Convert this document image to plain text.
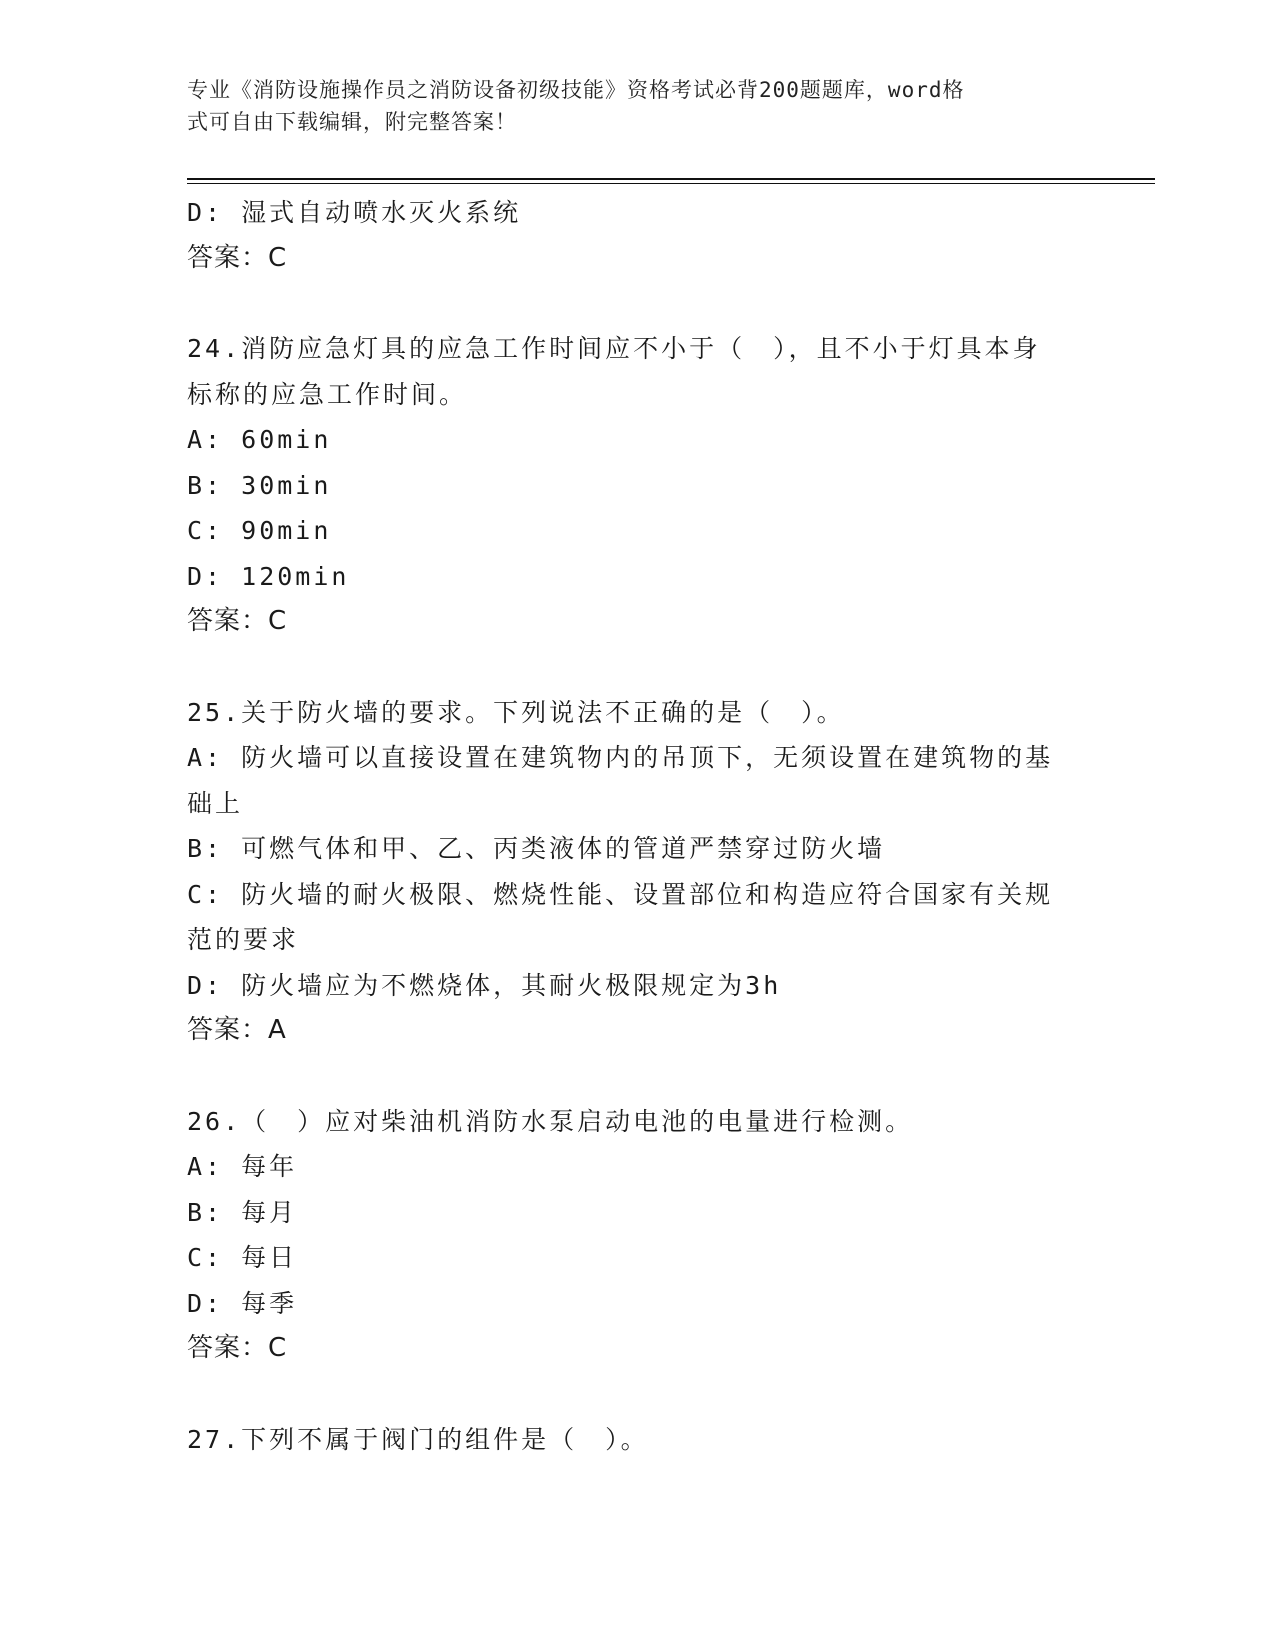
专业《消防设施操作员之消防设备初级技能》资格考试必背200题题库，word格
式可自由下载编辑，附完整答案！
D: 湿式自动喷水灭火系统
答案：C
24.消防应急灯具的应急工作时间应不小于（　），且不小于灯具本身
标称的应急工作时间。
A: 60min
B: 30min
C: 90min
D: 120min
答案：C
25.关于防火墙的要求。下列说法不正确的是（　）。
A: 防火墙可以直接设置在建筑物内的吊顶下，无须设置在建筑物的基
础上
B: 可燃气体和甲、乙、丙类液体的管道严禁穿过防火墙
C: 防火墙的耐火极限、燃烧性能、设置部位和构造应符合国家有关规
范的要求
D: 防火墙应为不燃烧体，其耐火极限规定为3h
答案：A
26.（　）应对柴油机消防水泵启动电池的电量进行检测。
A: 每年
B: 每月
C: 每日
D: 每季
答案：C
27.下列不属于阀门的组件是（　）。
